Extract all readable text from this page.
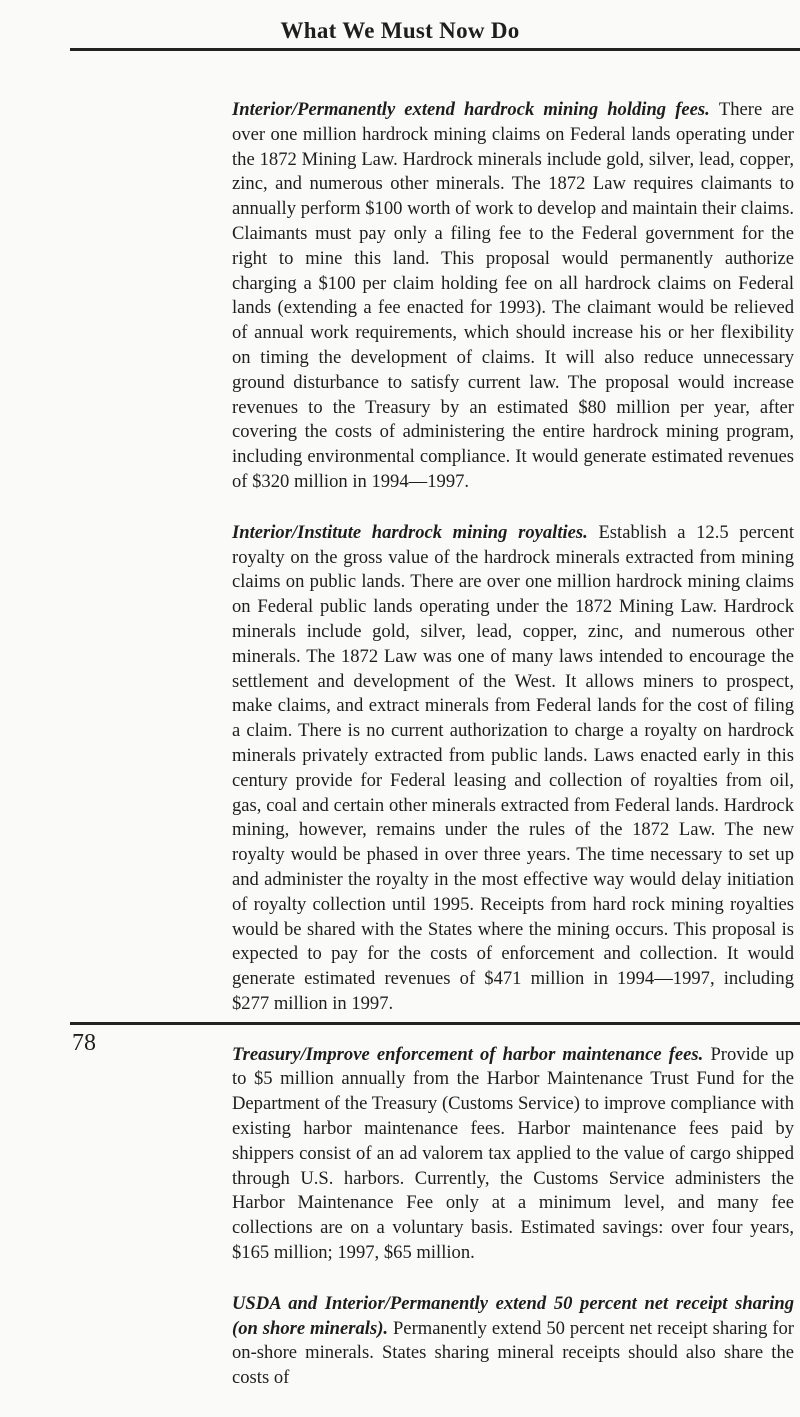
What We Must Now Do

Interior/Permanently extend hardrock mining holding fees. There are over one million hardrock mining claims on Federal lands operating under the 1872 Mining Law. Hardrock minerals include gold, silver, lead, copper, zinc, and numerous other minerals. The 1872 Law requires claimants to annually perform $100 worth of work to develop and maintain their claims. Claimants must pay only a filing fee to the Federal government for the right to mine this land. This proposal would permanently authorize charging a $100 per claim holding fee on all hardrock claims on Federal lands (extending a fee enacted for 1993). The claimant would be relieved of annual work requirements, which should increase his or her flexibility on timing the development of claims. It will also reduce unnecessary ground disturbance to satisfy current law. The proposal would increase revenues to the Treasury by an estimated $80 million per year, after covering the costs of administering the entire hardrock mining program, including environmental compliance. It would generate estimated revenues of $320 million in 1994—1997.

Interior/Institute hardrock mining royalties. Establish a 12.5 percent royalty on the gross value of the hardrock minerals extracted from mining claims on public lands. There are over one million hardrock mining claims on Federal public lands operating under the 1872 Mining Law. Hardrock minerals include gold, silver, lead, copper, zinc, and numerous other minerals. The 1872 Law was one of many laws intended to encourage the settlement and development of the West. It allows miners to prospect, make claims, and extract minerals from Federal lands for the cost of filing a claim. There is no current authorization to charge a royalty on hardrock minerals privately extracted from public lands. Laws enacted early in this century provide for Federal leasing and collection of royalties from oil, gas, coal and certain other minerals extracted from Federal lands. Hardrock mining, however, remains under the rules of the 1872 Law. The new royalty would be phased in over three years. The time necessary to set up and administer the royalty in the most effective way would delay initiation of royalty collection until 1995. Receipts from hard rock mining royalties would be shared with the States where the mining occurs. This proposal is expected to pay for the costs of enforcement and collection. It would generate estimated revenues of $471 million in 1994—1997, including $277 million in 1997.

Treasury/Improve enforcement of harbor maintenance fees. Provide up to $5 million annually from the Harbor Maintenance Trust Fund for the Department of the Treasury (Customs Service) to improve compliance with existing harbor maintenance fees. Harbor maintenance fees paid by shippers consist of an ad valorem tax applied to the value of cargo shipped through U.S. harbors. Currently, the Customs Service administers the Harbor Maintenance Fee only at a minimum level, and many fee collections are on a voluntary basis. Estimated savings: over four years, $165 million; 1997, $65 million.

USDA and Interior/Permanently extend 50 percent net receipt sharing (on shore minerals). Permanently extend 50 percent net receipt sharing for on-shore minerals. States sharing mineral receipts should also share the costs of

78
